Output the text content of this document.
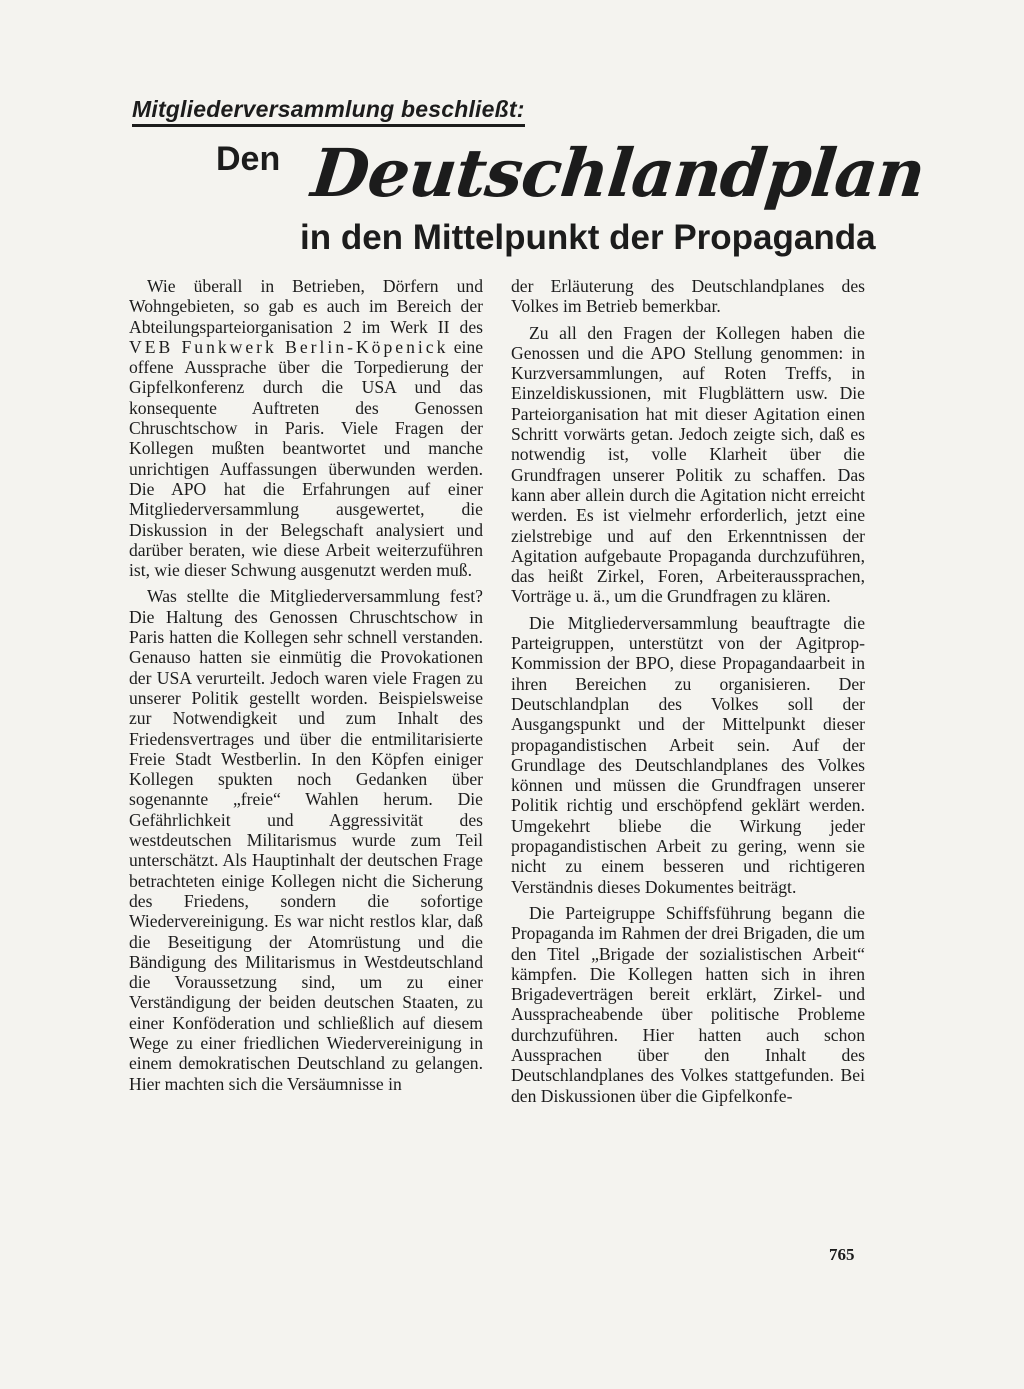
Mitgliederversammlung beschließt:
Den Deutschlandplan
in den Mittelpunkt der Propaganda

Wie überall in Betrieben, Dörfern und Wohngebieten, so gab es auch im Bereich der Abteilungsparteiorganisation 2 im Werk II des VEB Funkwerk Berlin-Köpenick eine offene Aussprache über die Torpedierung der Gipfelkonferenz durch die USA und das konsequente Auftreten des Genossen Chruschtschow in Paris. Viele Fragen der Kollegen mußten beantwortet und manche unrichtigen Auffassungen überwunden werden. Die APO hat die Erfahrungen auf einer Mitgliederversammlung ausgewertet, die Diskussion in der Belegschaft analysiert und darüber beraten, wie diese Arbeit weiterzuführen ist, wie dieser Schwung ausgenutzt werden muß.

Was stellte die Mitgliederversammlung fest? Die Haltung des Genossen Chruschtschow in Paris hatten die Kollegen sehr schnell verstanden. Genauso hatten sie einmütig die Provokationen der USA verurteilt. Jedoch waren viele Fragen zu unserer Politik gestellt worden. Beispielsweise zur Notwendigkeit und zum Inhalt des Friedensvertrages und über die entmilitarisierte Freie Stadt Westberlin. In den Köpfen einiger Kollegen spukten noch Gedanken über sogenannte „freie“ Wahlen herum. Die Gefährlichkeit und Aggressivität des westdeutschen Militarismus wurde zum Teil unterschätzt. Als Hauptinhalt der deutschen Frage betrachteten einige Kollegen nicht die Sicherung des Friedens, sondern die sofortige Wiedervereinigung. Es war nicht restlos klar, daß die Beseitigung der Atomrüstung und die Bändigung des Militarismus in Westdeutschland die Voraussetzung sind, um zu einer Verständigung der beiden deutschen Staaten, zu einer Konföderation und schließlich auf diesem Wege zu einer friedlichen Wiedervereinigung in einem demokratischen Deutschland zu gelangen. Hier machten sich die Versäumnisse in

der Erläuterung des Deutschlandplanes des Volkes im Betrieb bemerkbar.

Zu all den Fragen der Kollegen haben die Genossen und die APO Stellung genommen: in Kurzversammlungen, auf Roten Treffs, in Einzeldiskussionen, mit Flugblättern usw. Die Parteiorganisation hat mit dieser Agitation einen Schritt vorwärts getan. Jedoch zeigte sich, daß es notwendig ist, volle Klarheit über die Grundfragen unserer Politik zu schaffen. Das kann aber allein durch die Agitation nicht erreicht werden. Es ist vielmehr erforderlich, jetzt eine zielstrebige und auf den Erkenntnissen der Agitation aufgebaute Propaganda durchzuführen, das heißt Zirkel, Foren, Arbeiteraussprachen, Vorträge u. ä., um die Grundfragen zu klären.

Die Mitgliederversammlung beauftragte die Parteigruppen, unterstützt von der Agitprop-Kommission der BPO, diese Propagandaarbeit in ihren Bereichen zu organisieren. Der Deutschlandplan des Volkes soll der Ausgangspunkt und der Mittelpunkt dieser propagandistischen Arbeit sein. Auf der Grundlage des Deutschlandplanes des Volkes können und müssen die Grundfragen unserer Politik richtig und erschöpfend geklärt werden. Umgekehrt bliebe die Wirkung jeder propagandistischen Arbeit zu gering, wenn sie nicht zu einem besseren und richtigeren Verständnis dieses Dokumentes beiträgt.

Die Parteigruppe Schiffsführung begann die Propaganda im Rahmen der drei Brigaden, die um den Titel „Brigade der sozialistischen Arbeit“ kämpfen. Die Kollegen hatten sich in ihren Brigadeverträgen bereit erklärt, Zirkel- und Ausspracheabende über politische Probleme durchzuführen. Hier hatten auch schon Aussprachen über den Inhalt des Deutschlandplanes des Volkes stattgefunden. Bei den Diskussionen über die Gipfelkonfe-

765
